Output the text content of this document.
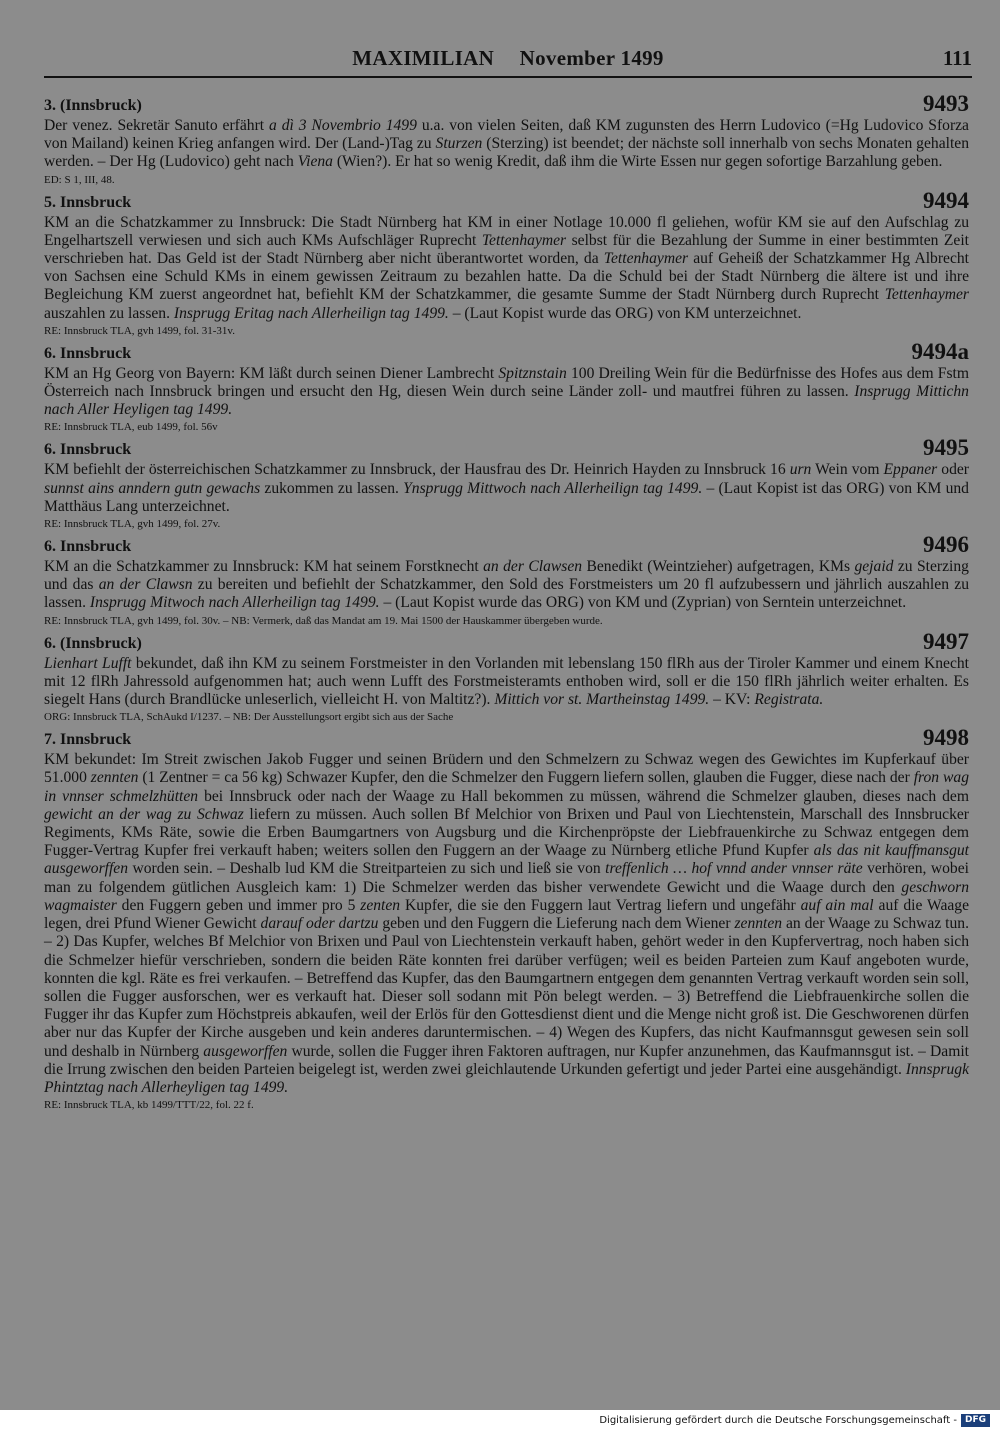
MAXIMILIAN November 1499	111
3. (Innsbruck)	9493
Der venez. Sekretär Sanuto erfährt a dì 3 Novembrio 1499 u.a. von vielen Seiten, daß KM zugunsten des Herrn Ludovico (=Hg Ludovico Sforza von Mailand) keinen Krieg anfangen wird. Der (Land-)Tag zu Sturzen (Sterzing) ist beendet; der nächste soll innerhalb von sechs Monaten gehalten werden. – Der Hg (Ludovico) geht nach Viena (Wien?). Er hat so wenig Kredit, daß ihm die Wirte Essen nur gegen sofortige Barzahlung geben.
ED: S 1, III, 48.
5. Innsbruck	9494
KM an die Schatzkammer zu Innsbruck: Die Stadt Nürnberg hat KM in einer Notlage 10.000 fl geliehen, wofür KM sie auf den Aufschlag zu Engelhartszell verwiesen und sich auch KMs Aufschläger Ruprecht Tettenhaymer selbst für die Bezahlung der Summe in einer bestimmten Zeit verschrieben hat. Das Geld ist der Stadt Nürnberg aber nicht überantwortet worden, da Tettenhaymer auf Geheiß der Schatzkammer Hg Albrecht von Sachsen eine Schuld KMs in einem gewissen Zeitraum zu bezahlen hatte. Da die Schuld bei der Stadt Nürnberg die ältere ist und ihre Begleichung KM zuerst angeordnet hat, befiehlt KM der Schatzkammer, die gesamte Summe der Stadt Nürnberg durch Ruprecht Tettenhaymer auszahlen zu lassen. Insprugg Eritag nach Allerheilign tag 1499. – (Laut Kopist wurde das ORG) von KM unterzeichnet.
RE: Innsbruck TLA, gvh 1499, fol. 31-31v.
6. Innsbruck	9494a
KM an Hg Georg von Bayern: KM läßt durch seinen Diener Lambrecht Spitznstain 100 Dreiling Wein für die Bedürfnisse des Hofes aus dem Fstm Österreich nach Innsbruck bringen und ersucht den Hg, diesen Wein durch seine Länder zoll- und mautfrei führen zu lassen. Insprugg Mittichn nach Aller Heyligen tag 1499.
RE: Innsbruck TLA, eub 1499, fol. 56v
6. Innsbruck	9495
KM befiehlt der österreichischen Schatzkammer zu Innsbruck, der Hausfrau des Dr. Heinrich Hayden zu Innsbruck 16 urn Wein vom Eppaner oder sunnst ains anndern gutn gewachs zukommen zu lassen. Ynsprugg Mittwoch nach Allerheilign tag 1499. – (Laut Kopist ist das ORG) von KM und Matthäus Lang unterzeichnet.
RE: Innsbruck TLA, gvh 1499, fol. 27v.
6. Innsbruck	9496
KM an die Schatzkammer zu Innsbruck: KM hat seinem Forstknecht an der Clawsen Benedikt (Weintzieher) aufgetragen, KMs gejaid zu Sterzing und das an der Clawsn zu bereiten und befiehlt der Schatzkammer, den Sold des Forstmeisters um 20 fl aufzubessern und jährlich auszahlen zu lassen. Insprugg Mitwoch nach Allerheilign tag 1499. – (Laut Kopist wurde das ORG) von KM und (Zyprian) von Serntein unterzeichnet.
RE: Innsbruck TLA, gvh 1499, fol. 30v. – NB: Vermerk, daß das Mandat am 19. Mai 1500 der Hauskammer übergeben wurde.
6. (Innsbruck)	9497
Lienhart Lufft bekundet, daß ihn KM zu seinem Forstmeister in den Vorlanden mit lebenslang 150 flRh aus der Tiroler Kammer und einem Knecht mit 12 flRh Jahressold aufgenommen hat; auch wenn Lufft des Forstmeisteramts enthoben wird, soll er die 150 flRh jährlich weiter erhalten. Es siegelt Hans (durch Brandlücke unleserlich, vielleicht H. von Maltitz?). Mittich vor st. Martheinstag 1499. – KV: Registrata.
ORG: Innsbruck TLA, SchAukd I/1237. – NB: Der Ausstellungsort ergibt sich aus der Sache
7. Innsbruck	9498
KM bekundet: Im Streit zwischen Jakob Fugger und seinen Brüdern und den Schmelzern zu Schwaz wegen des Gewichtes im Kupferkauf über 51.000 zennten (1 Zentner = ca 56 kg) Schwazer Kupfer, den die Schmelzer den Fuggern liefern sollen, glauben die Fugger, diese nach der fron wag in vnnser schmelzhütten bei Innsbruck oder nach der Waage zu Hall bekommen zu müssen, während die Schmelzer glauben, dieses nach dem gewicht an der wag zu Schwaz liefern zu müssen. Auch sollen Bf Melchior von Brixen und Paul von Liechtenstein, Marschall des Innsbrucker Regiments, KMs Räte, sowie die Erben Baumgartners von Augsburg und die Kirchenpröpste der Liebfrauenkirche zu Schwaz entgegen dem Fugger-Vertrag Kupfer frei verkauft haben; weiters sollen den Fuggern an der Waage zu Nürnberg etliche Pfund Kupfer als das nit kauffmansgut ausgeworffen worden sein. – Deshalb lud KM die Streitparteien zu sich und ließ sie von treffenlich … hof vnnd ander vnnser räte verhören, wobei man zu folgendem gütlichen Ausgleich kam: 1) Die Schmelzer werden das bisher verwendete Gewicht und die Waage durch den geschworn wagmaister den Fuggern geben und immer pro 5 zenten Kupfer, die sie den Fuggern laut Vertrag liefern und ungefähr auf ain mal auf die Waage legen, drei Pfund Wiener Gewicht darauf oder dartzu geben und den Fuggern die Lieferung nach dem Wiener zennten an der Waage zu Schwaz tun. – 2) Das Kupfer, welches Bf Melchior von Brixen und Paul von Liechtenstein verkauft haben, gehört weder in den Kupfervertrag, noch haben sich die Schmelzer hiefür verschrieben, sondern die beiden Räte konnten frei darüber verfügen; weil es beiden Parteien zum Kauf angeboten wurde, konnten die kgl. Räte es frei verkaufen. – Betreffend das Kupfer, das den Baumgartnern entgegen dem genannten Vertrag verkauft worden sein soll, sollen die Fugger ausforschen, wer es verkauft hat. Dieser soll sodann mit Pön belegt werden. – 3) Betreffend die Liebfrauenkirche sollen die Fugger ihr das Kupfer zum Höchstpreis abkaufen, weil der Erlös für den Gottesdienst dient und die Menge nicht groß ist. Die Geschworenen dürfen aber nur das Kupfer der Kirche ausgeben und kein anderes daruntermischen. – 4) Wegen des Kupfers, das nicht Kaufmannsgut gewesen sein soll und deshalb in Nürnberg ausgeworffen wurde, sollen die Fugger ihren Faktoren auftragen, nur Kupfer anzunehmen, das Kaufmannsgut ist. – Damit die Irrung zwischen den beiden Parteien beigelegt ist, werden zwei gleichlautende Urkunden gefertigt und jeder Partei eine ausgehändigt. Innsprugk Phintztag nach Allerheyligen tag 1499.
RE: Innsbruck TLA, kb 1499/TTT/22, fol. 22 f.
Digitalisierung gefördert durch die Deutsche Forschungsgemeinschaft - DFG
